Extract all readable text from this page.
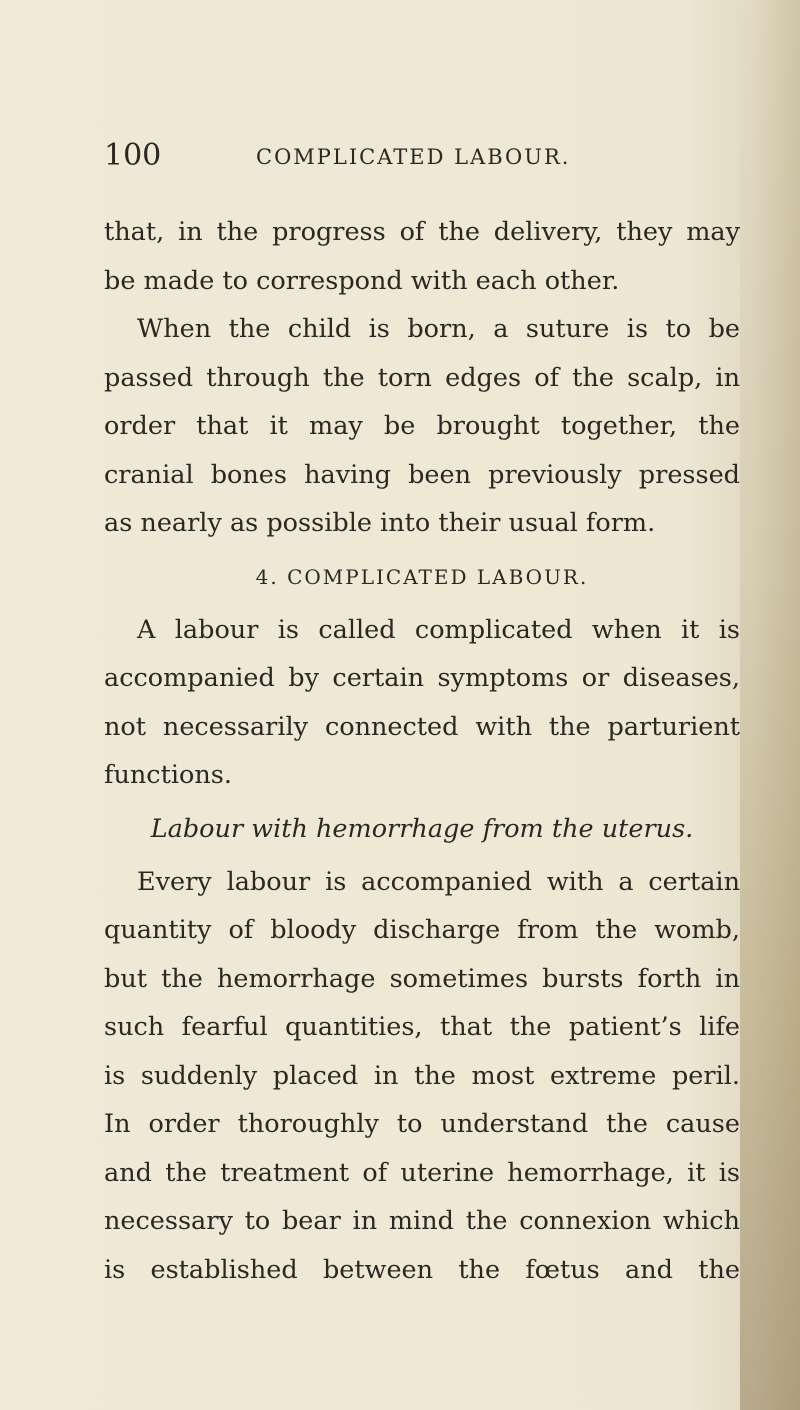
100	COMPLICATED LABOUR.
that, in the progress of the delivery, they may
be made to correspond with each other.
When the child is born, a suture is to be
passed through the torn edges of the scalp, in
order that it may be brought together, the
cranial bones having been previously pressed
as nearly as possible into their usual form.
4. COMPLICATED LABOUR.
A labour is called complicated when it is
accompanied by certain symptoms or diseases,
not necessarily connected with the parturient
functions.
Labour with hemorrhage from the uterus.
Every labour is accompanied with a certain
quantity of bloody discharge from the womb,
but the hemorrhage sometimes bursts forth in
such fearful quantities, that the patient’s life
is suddenly placed in the most extreme peril.
In order thoroughly to understand the cause
and the treatment of uterine hemorrhage, it is
necessary to bear in mind the connexion which
is established between the fœtus and the
